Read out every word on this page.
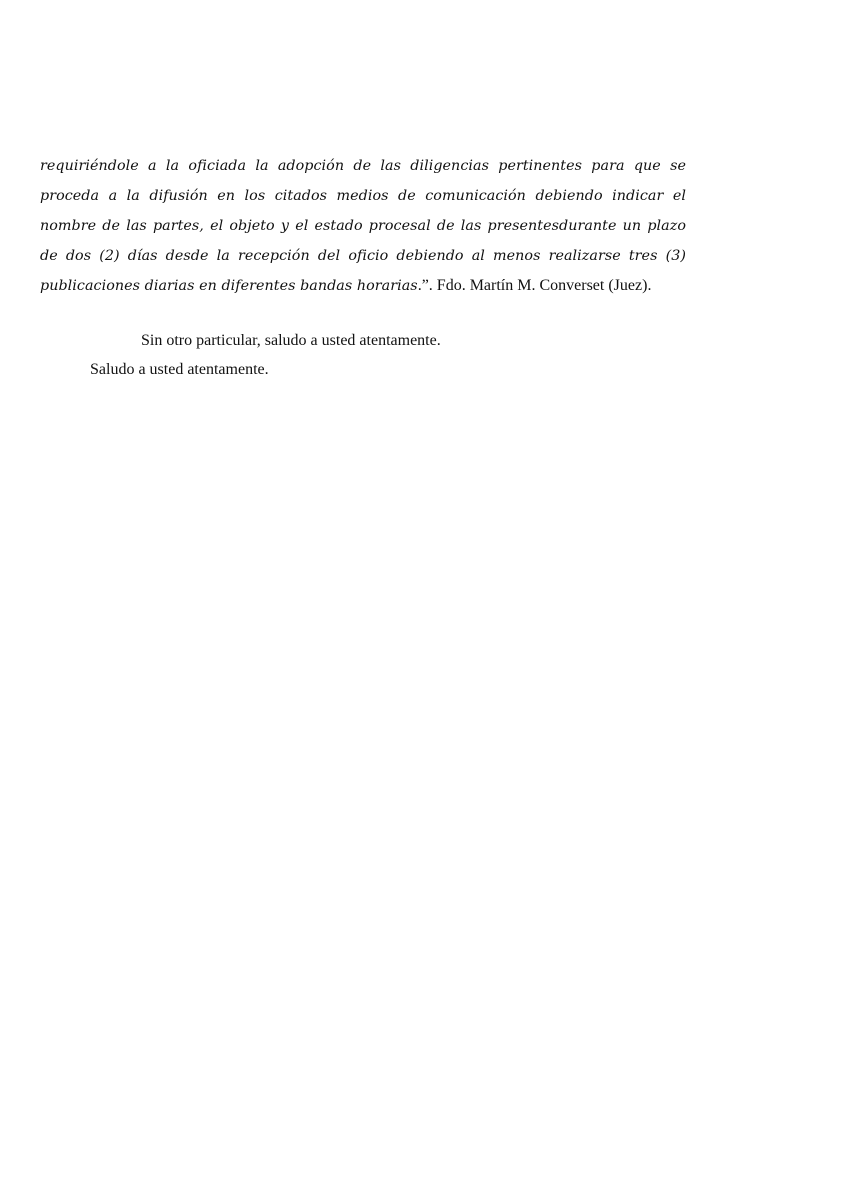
requiriéndole a la oficiada la adopción de las diligencias pertinentes para que se proceda a la difusión en los citados medios de comunicación debiendo indicar el nombre de las partes, el objeto y el estado procesal de las presentesdurante un plazo de dos (2) días desde la recepción del oficio debiendo al menos realizarse tres (3) publicaciones diarias en diferentes bandas horarias.”. Fdo. Martín M. Converset (Juez).

Sin otro particular, saludo a usted atentamente.

Saludo a usted atentamente.
